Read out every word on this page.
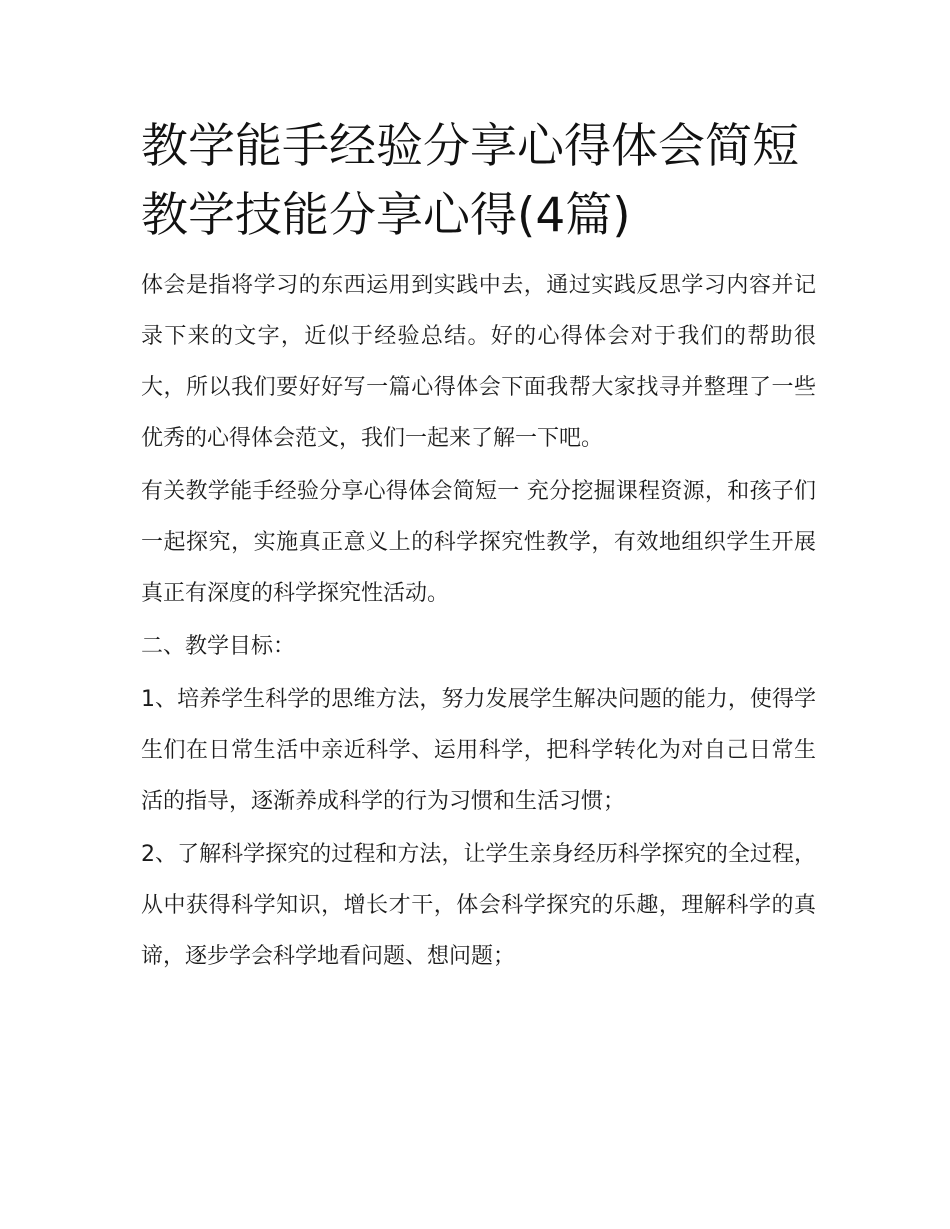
教学能手经验分享心得体会简短 教学技能分享心得(4篇)

体会是指将学习的东西运用到实践中去，通过实践反思学习内容并记录下来的文字，近似于经验总结。好的心得体会对于我们的帮助很大，所以我们要好好写一篇心得体会下面我帮大家找寻并整理了一些优秀的心得体会范文，我们一起来了解一下吧。

有关教学能手经验分享心得体会简短一 充分挖掘课程资源，和孩子们一起探究，实施真正意义上的科学探究性教学，有效地组织学生开展真正有深度的科学探究性活动。

二、教学目标：

1、培养学生科学的思维方法，努力发展学生解决问题的能力，使得学生们在日常生活中亲近科学、运用科学，把科学转化为对自己日常生活的指导，逐渐养成科学的行为习惯和生活习惯；

2、了解科学探究的过程和方法，让学生亲身经历科学探究的全过程，从中获得科学知识，增长才干，体会科学探究的乐趣，理解科学的真谛，逐步学会科学地看问题、想问题；
